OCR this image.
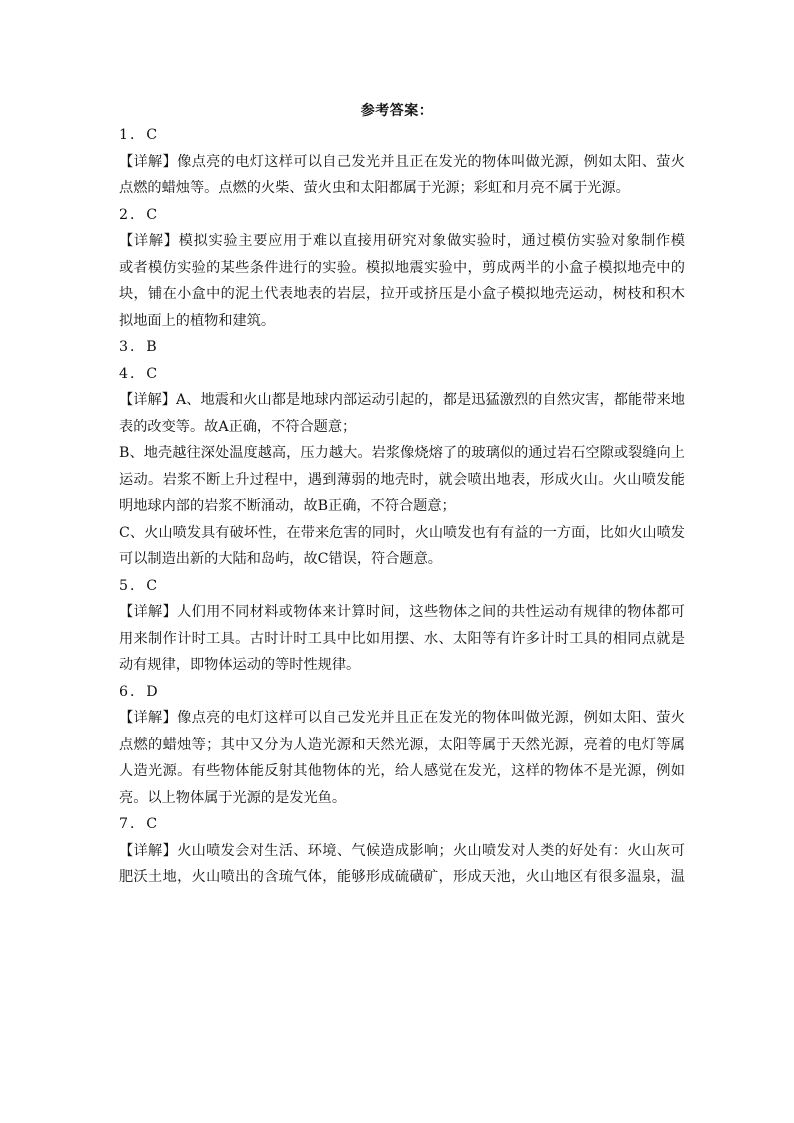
参考答案：
1．C
【详解】像点亮的电灯这样可以自己发光并且正在发光的物体叫做光源，例如太阳、萤火
点燃的蜡烛等。点燃的火柴、萤火虫和太阳都属于光源；彩虹和月亮不属于光源。
2．C
【详解】模拟实验主要应用于难以直接用研究对象做实验时，通过模仿实验对象制作模
或者模仿实验的某些条件进行的实验。模拟地震实验中，剪成两半的小盒子模拟地壳中的
块，铺在小盒中的泥土代表地表的岩层，拉开或挤压是小盒子模拟地壳运动，树枝和积木
拟地面上的植物和建筑。
3．B
4．C
【详解】A、地震和火山都是地球内部运动引起的，都是迅猛激烈的自然灾害，都能带来地
表的改变等。故A正确，不符合题意；
B、地壳越往深处温度越高，压力越大。岩浆像烧熔了的玻璃似的通过岩石空隙或裂缝向上
运动。岩浆不断上升过程中，遇到薄弱的地壳时，就会喷出地表，形成火山。火山喷发能
明地球内部的岩浆不断涌动，故B正确，不符合题意；
C、火山喷发具有破坏性，在带来危害的同时，火山喷发也有有益的一方面，比如火山喷发
可以制造出新的大陆和岛屿，故C错误，符合题意。
5．C
【详解】人们用不同材料或物体来计算时间，这些物体之间的共性运动有规律的物体都可
用来制作计时工具。古时计时工具中比如用摆、水、太阳等有许多计时工具的相同点就是
动有规律，即物体运动的等时性规律。
6．D
【详解】像点亮的电灯这样可以自己发光并且正在发光的物体叫做光源，例如太阳、萤火
点燃的蜡烛等；其中又分为人造光源和天然光源，太阳等属于天然光源，亮着的电灯等属
人造光源。有些物体能反射其他物体的光，给人感觉在发光，这样的物体不是光源，例如
亮。以上物体属于光源的是发光鱼。
7．C
【详解】火山喷发会对生活、环境、气候造成影响；火山喷发对人类的好处有：火山灰可
肥沃土地，火山喷出的含琉气体，能够形成硫磺矿，形成天池，火山地区有很多温泉，温
